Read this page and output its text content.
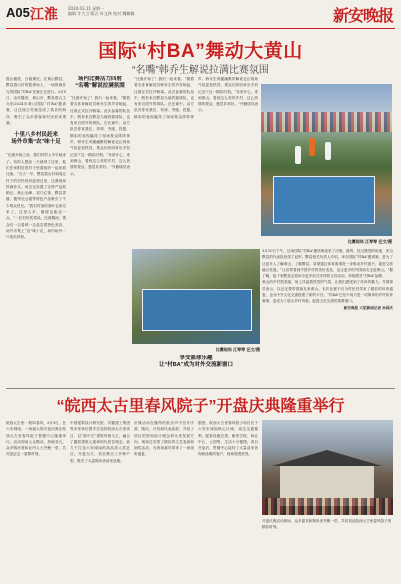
A05 江淮	2024.03.11 星期一
编辑 许大卫 版式 叶文林 校对 魏璐璐	新安晚报
国际“村BA”舞动大黄山
“名嘴”韩乔生解说拉满比赛氛围
霞山徽派，白墙黛瓦。在黄山黟县，黟县碧山村的篮球场上，一场热闹非凡的国际“村BA”比赛正在进行。3月9日，由安徽省、黄山市、黟县联合主办的2024年黄山国际“村BA”邀请赛，让这座古村落变成了欢乐的海洋，吸引了众多游客和村民前来观赛。
十里八乡村民赶来
场外市集“农”味十足
“比赛开始之前，我们村的人早早就来了。有的人提前一天就到了这里，他们在家附近的村子里面组织一起来看比赛。”当天一早，黟县碧山村和周边村子的村民纷纷赶到这里，比赛现场热闹非凡。场边还设置了农特产品展销区，黄山毛峰、祁门红茶、黟县香榧、徽州毛豆腐等特色产品吸引了不少观众驻足。“我们村里的茶叶也拿过来了，这里人多，顺便也能卖一点。”一位村民笑着说。比赛期间，观众们一边看球一边品尝着特色美食，场外市集上“农”味十足，场内场外一片欢乐祥和。
场内比赛活力四射
“名嘴”解说拉满氛围
“比赛开始了！我们一起来看。”随着著名体育解说员韩乔生的声音响起，比赛正式拉开帷幕。此次参赛的队伍中，既有来自黟县当地的篮球队，也有来自国外的球队。在比赛中，双方队员你来我往，传球、突破、投篮，精彩的表现赢得了现场观众阵阵掌声。韩乔生风趣幽默的解说也让现场气氛更加热烈，观众们纷纷拿出手机记录下这一精彩时刻。“非常开心，来到黄山，看到这么美的乡村、这么热情的观众，感觉非常好。”外籍球员表示。
“比赛开始了！我们一起来看。”随着著名体育解说员韩乔生的声音响起，比赛正式拉开帷幕。此次参赛的队伍中，既有来自黟县当地的篮球队，也有来自国外的球队。在比赛中，双方队员你来我往，传球、突破、投篮，精彩的表现赢得了现场观众阵阵掌声。韩乔生风趣幽默的解说也让现场气氛更加热烈，观众们纷纷拿出手机记录下这一精彩时刻。“非常开心，来到黄山，看到这么美的乡村、这么热情的观众，感觉非常好。”外籍球员表示。
比赛现场 江琴琴 汪文/摄
享受篮球乐趣
让“村BA”成为对外交流新窗口
比赛现场 江琴琴 汪文/摄
3月10日下午，这场国际“村BA”邀请赛迎来了决赛。最终，经过激烈的角逐，来自黟县的代表队获得了冠军。黟县相关负责人介绍，举办国际“村BA”邀请赛，是为了让更多人了解黄山、了解黟县，希望通过体育赛事进一步推动乡村振兴，促进文旅融合发展。“让世界看到中国乡村的美好变化，也让更多的外国朋友走进黄山。”据了解，接下来黟县还将举办更多形式多样的文体活动，持续擦亮“村BA”品牌。
黄山的乡村很美丽，场上洋溢着热烈的气氛，让我们感受到了体育的魅力。外国球员表示，以后还要带着朋友来黄山。本次比赛不仅为村民们带来了精彩的体育盛宴，也为中外文化交流搭建了新的平台。“村BA”已经不再只是一项简单的乡村体育赛事，更成为了展示乡村风貌、促进文化交流的重要窗口。
新安晚报 大皖新闻记者 孙国庆
“皖西太古里春风院子”开盘庆典隆重举行
皖西太古里·一院叫春风，3月9日，在六安城南，一场盛大的开盘庆典在皖西太古里春风院子售楼中心隆重举行。活动现场人头攒动，热闹非凡，众多购房者和业内人士齐聚一堂，共同见证这一重要时刻。
中国建筑设计研究院、安徽建工集团等多家单位携手打造的皖西太古里项目，以“新中式”建筑风格为主，融合了徽派建筑元素和现代居住理念，致力于打造六安城南的高品质人居社区。开盘当天，项目推出了多种户型，吸引了大量购房者前来选购。
庆典活动在激昂的鼓乐声中拉开序幕，随后，开发商代表致辞，介绍了项目的规划设计理念和未来发展方向。现场还安排了精彩的文艺表演和抽奖活动，为到场嘉宾带来了一场视听盛宴。
据悉，皖西太古里春风院子项目位于六安市城南核心区域，周边交通便利，配套设施完善，毗邻学校、商业中心、公园等，生活十分便捷。项目开盘后，售楼中心接待了大量前来咨询和选购的客户，现场氛围热烈。
开盘庆典活动现场，众多嘉宾和购房者齐聚一堂，共同见证皖西太古里春风院子的精彩时刻。
